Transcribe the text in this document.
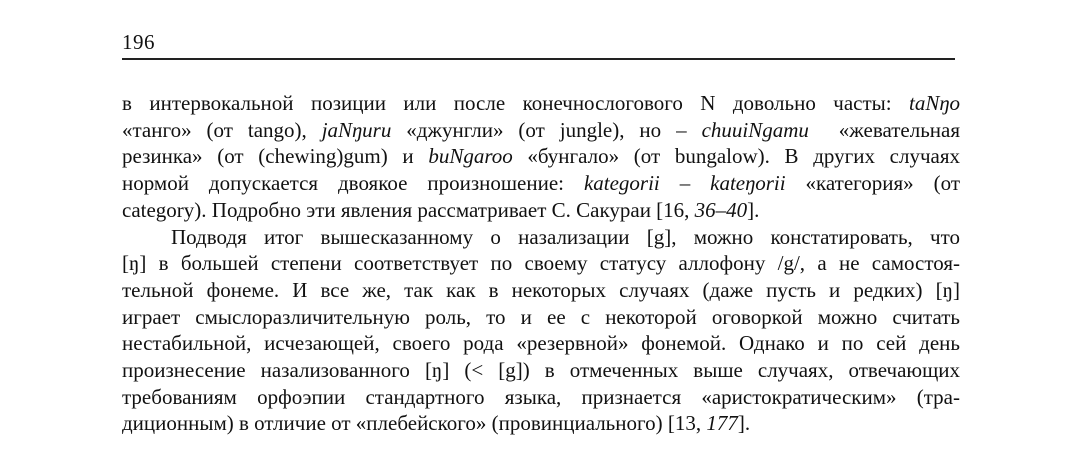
196
в интервокальной позиции или после конечнослогового N довольно часты: taNŋo
«танго» (от tango), jaNŋuru «джунгли» (от jungle), но – chuuiNgamu  «жевательная
резинка» (от (chewing)gum) и buNgaroo «бунгало» (от bungalow). В других случаях
нормой допускается двоякое произношение: kategorii – kateŋorii «категория» (от
category). Подробно эти явления рассматривает С. Сакураи [16, 36–40].
Подводя итог вышесказанному о назализации [g], можно констатировать, что
[ŋ] в большей степени соответствует по своему статусу аллофону /g/, а не самостоя-
тельной фонеме. И все же, так как в некоторых случаях (даже пусть и редких) [ŋ]
играет смыслоразличительную роль, то и ее с некоторой оговоркой можно считать
нестабильной, исчезающей, своего рода «резервной» фонемой. Однако и по сей день
произнесение назализованного [ŋ] (< [g]) в отмеченных выше случаях, отвечающих
требованиям орфоэпии стандартного языка, признается «аристократическим» (тра-
диционным) в отличие от «плебейского» (провинциального) [13, 177].
